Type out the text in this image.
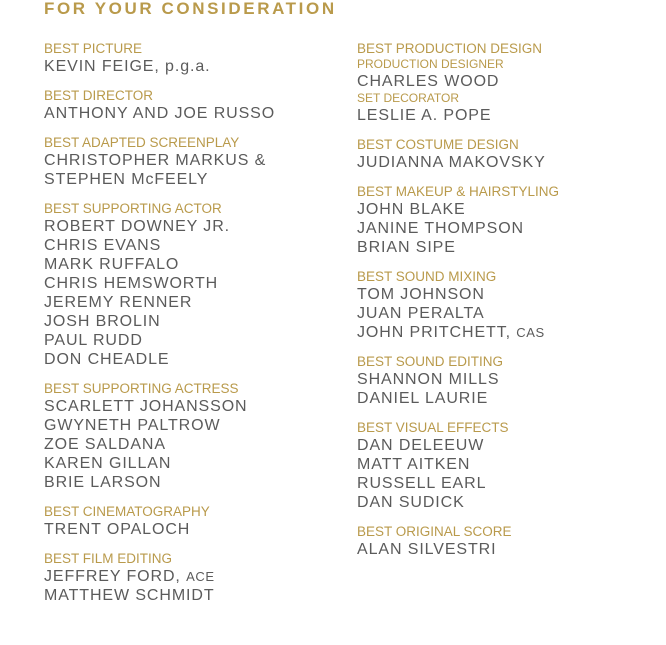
FOR YOUR CONSIDERATION
BEST PICTURE
KEVIN FEIGE, p.g.a.
BEST DIRECTOR
ANTHONY AND JOE RUSSO
BEST ADAPTED SCREENPLAY
CHRISTOPHER MARKUS &
STEPHEN McFEELY
BEST SUPPORTING ACTOR
ROBERT DOWNEY JR.
CHRIS EVANS
MARK RUFFALO
CHRIS HEMSWORTH
JEREMY RENNER
JOSH BROLIN
PAUL RUDD
DON CHEADLE
BEST SUPPORTING ACTRESS
SCARLETT JOHANSSON
GWYNETH PALTROW
ZOE SALDANA
KAREN GILLAN
BRIE LARSON
BEST CINEMATOGRAPHY
TRENT OPALOCH
BEST FILM EDITING
JEFFREY FORD, ACE
MATTHEW SCHMIDT
BEST PRODUCTION DESIGN
PRODUCTION DESIGNER
CHARLES WOOD
SET DECORATOR
LESLIE A. POPE
BEST COSTUME DESIGN
JUDIANNA MAKOVSKY
BEST MAKEUP & HAIRSTYLING
JOHN BLAKE
JANINE THOMPSON
BRIAN SIPE
BEST SOUND MIXING
TOM JOHNSON
JUAN PERALTA
JOHN PRITCHETT, CAS
BEST SOUND EDITING
SHANNON MILLS
DANIEL LAURIE
BEST VISUAL EFFECTS
DAN DELEEUW
MATT AITKEN
RUSSELL EARL
DAN SUDICK
BEST ORIGINAL SCORE
ALAN SILVESTRI
